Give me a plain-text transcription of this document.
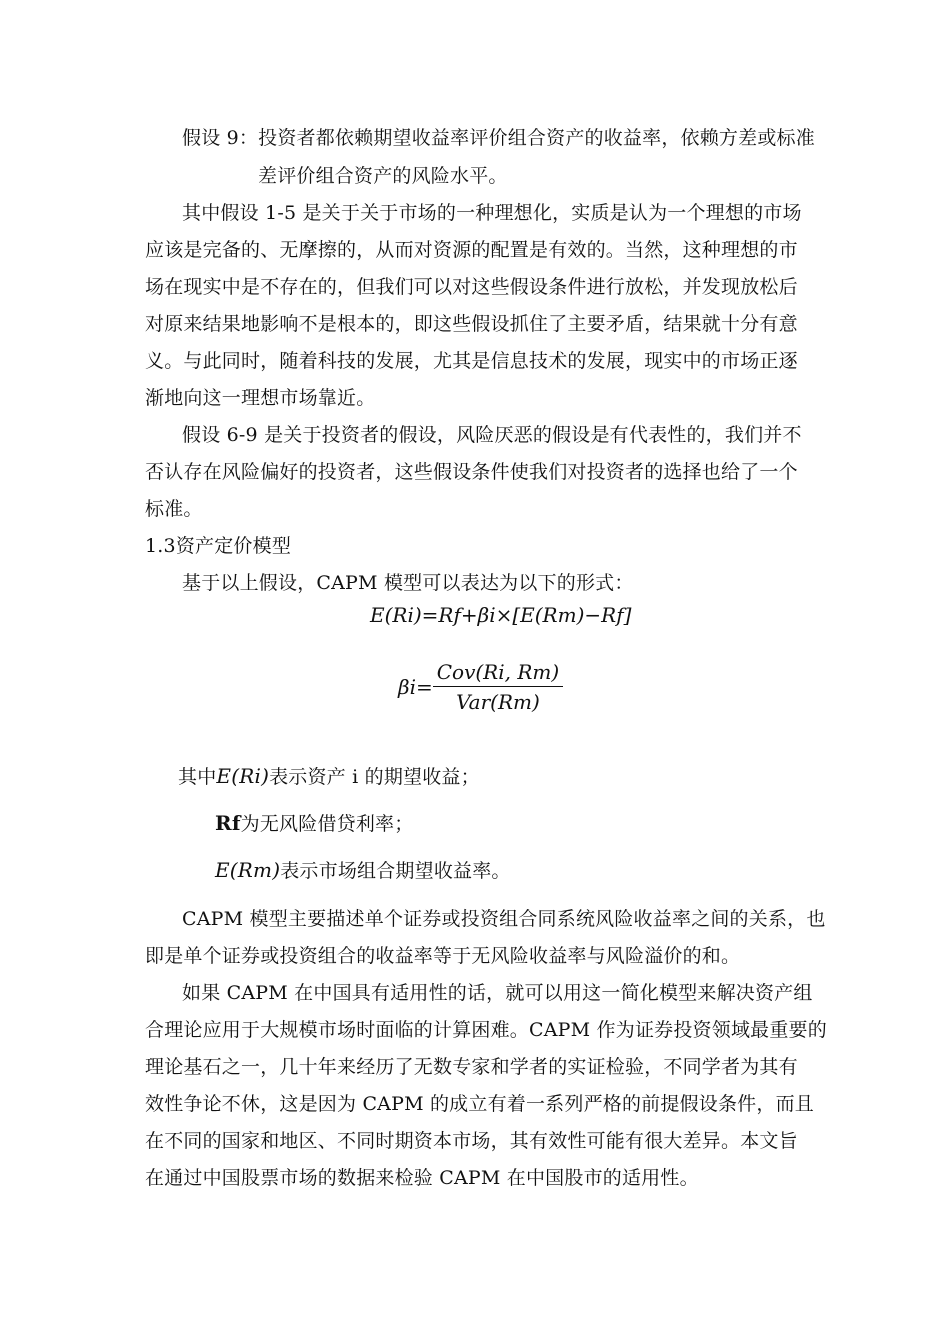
假设 9：投资者都依赖期望收益率评价组合资产的收益率，依赖方差或标准
差评价组合资产的风险水平。
其中假设 1-5 是关于关于市场的一种理想化，实质是认为一个理想的市场
应该是完备的、无摩擦的，从而对资源的配置是有效的。当然，这种理想的市
场在现实中是不存在的，但我们可以对这些假设条件进行放松，并发现放松后
对原来结果地影响不是根本的，即这些假设抓住了主要矛盾，结果就十分有意
义。与此同时，随着科技的发展，尤其是信息技术的发展，现实中的市场正逐
渐地向这一理想市场靠近。
假设 6-9 是关于投资者的假设，风险厌恶的假设是有代表性的，我们并不
否认存在风险偏好的投资者，这些假设条件使我们对投资者的选择也给了一个
标准。
1.3资产定价模型
基于以上假设，CAPM 模型可以表达为以下的形式：
E(Ri)=Rf+βi×[E(Rm)−Rf]
$\beta i= \frac{\text{Cov(Ri, Rm)}}{\text{Var(Rm)}}$
其中E(Ri)表示资产 i 的期望收益；
Rf为无风险借贷利率；
E(Rm)表示市场组合期望收益率。
CAPM 模型主要描述单个证券或投资组合同系统风险收益率之间的关系，也
即是单个证券或投资组合的收益率等于无风险收益率与风险溢价的和。
如果 CAPM 在中国具有适用性的话，就可以用这一简化模型来解决资产组
合理论应用于大规模市场时面临的计算困难。CAPM 作为证券投资领域最重要的
理论基石之一，几十年来经历了无数专家和学者的实证检验，不同学者为其有
效性争论不休，这是因为 CAPM 的成立有着一系列严格的前提假设条件，而且
在不同的国家和地区、不同时期资本市场，其有效性可能有很大差异。本文旨
在通过中国股票市场的数据来检验 CAPM 在中国股市的适用性。
